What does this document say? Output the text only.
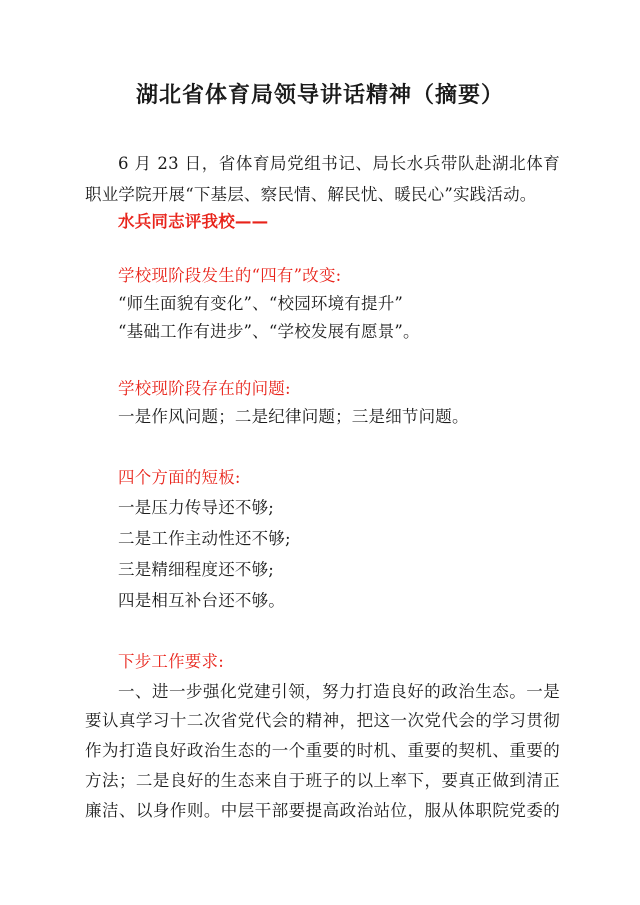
湖北省体育局领导讲话精神（摘要）
6 月 23 日，省体育局党组书记、局长水兵带队赴湖北体育
职业学院开展“下基层、察民情、解民忧、暖民心”实践活动。
水兵同志评我校——
学校现阶段发生的“四有”改变:
“师生面貌有变化”、“校园环境有提升”
“基础工作有进步”、“学校发展有愿景”。
学校现阶段存在的问题:
一是作风问题；二是纪律问题；三是细节问题。
四个方面的短板:
一是压力传导还不够;
二是工作主动性还不够;
三是精细程度还不够;
四是相互补台还不够。
下步工作要求:
一、进一步强化党建引领，努力打造良好的政治生态。一是
要认真学习十二次省党代会的精神，把这一次党代会的学习贯彻
作为打造良好政治生态的一个重要的时机、重要的契机、重要的
方法；二是良好的生态来自于班子的以上率下，要真正做到清正
廉洁、以身作则。中层干部要提高政治站位，服从体职院党委的
